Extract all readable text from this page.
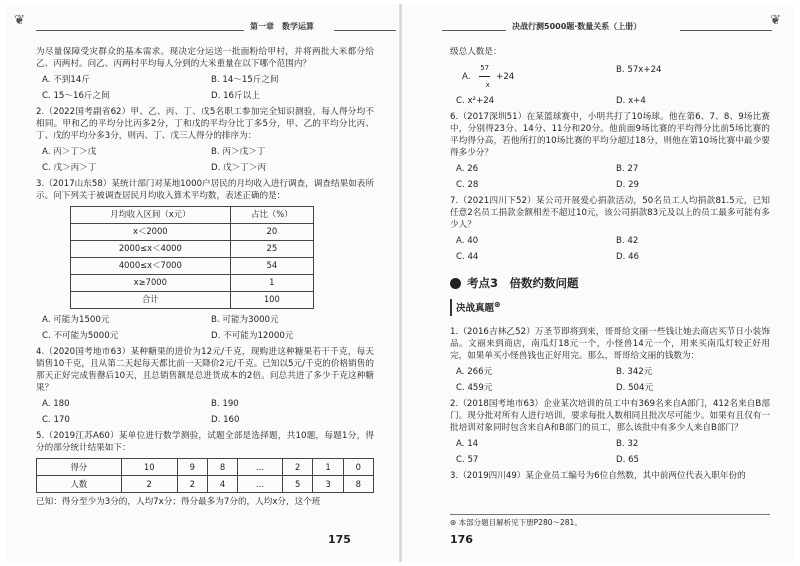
❦	第一章　数学运算

为尽量保障受灾群众的基本需求。现决定分运送一批面粉给甲村，并将两批大米都分给乙、丙两村。问乙、丙两村平均每人分到的大米重量在以下哪个范围内？

A. 不到14斤	B. 14～15斤之间
C. 15～16斤之间	D. 16斤以上

2.（2022国考副省62）甲、乙、丙、丁、戊5名职工参加完全知识测验，每人得分均不相同。甲和乙的平均分比丙多2分，丁和戊的平均分比丁多5分，甲、乙的平均分比丙、丁、戊的平均分多3分，则丙、丁、戊三人得分的排序为：

A. 丙＞丁＞戊	B. 丙＞戊＞丁
C. 戊＞丙＞丁	D. 戊＞丁＞丙

3.（2017山东58）某统计部门对某地1000户居民的月均收入进行调查，调查结果如表所示。问下列关于被调查居民月均收入算术平均数，表述正确的是：

月均收入区间（x元）	占比（%）
x＜2000	20
2000≤x＜4000	25
4000≤x＜7000	54
x≥7000	1
合计	100
A. 可能为1500元	B. 可能为3000元
C. 不可能为5000元	D. 不可能为12000元

4.（2020国考地市63）某种糖果的进价为12元/千克，现购进这种糖果若干千克，每天销售10千克，且从第二天起每天都比前一天降价2元/千克。已知以5元/千克的价格销售的那天正好完成售罄后10天，且总销售额是总进货成本的2倍。问总共进了多少千克这种糖果？

A. 180	B. 190
C. 170	D. 160

5.（2019江苏A60）某单位进行数学测验，试题全部是选择题，共10题，每题1分，得分的部分统计结果如下：

得分	10	9	8	…	2	1	0
人数	2	2	4	…	5	3	8

已知：得分至少为3分的，人均7x分；得分最多为7分的，人均x分，这个班

175
决战行测5000题·数量关系（上册）	❦

级总人数是：

A. $\frac{57}{x} +24$
B. 57x+24
C. x²+24	D. x+4

6.（2017深圳51）在某篮球赛中，小明共打了10场球。他在第6、7、8、9场比赛中，分别得23分、14分、11分和20分。他前面9场比赛的平均得分比前5场比赛的平均得分高，若他所打的10场比赛的平均分超过18分，则他在第10场比赛中最少要得多少分？

A. 26	B. 27
C. 28	D. 29

7.（2021四川下52）某公司开展爱心捐款活动，50名员工人均捐款81.5元，已知任意2名员工捐款金额相差不超过10元，该公司捐款83元及以上的员工最多可能有多少人？

A. 40	B. 42
C. 44	D. 46
考点3　倍数约数问题
决战真题⊛

1.（2016吉林乙52）万圣节即将到来，哥哥给文丽一些钱让她去商店买节日小装饰品。文丽来到商店，南瓜灯18元一个，小怪兽14元一个，用来买南瓜灯较正好用完，如果单买小怪兽钱也正好用完。那么，哥哥给文丽的钱数为：

A. 266元	B. 342元
C. 459元	D. 504元

2.（2018国考地市63）企业某次培训的员工中有369名来自A部门，412名来自B部门。现分批对所有人进行培训，要求每批人数相同且批次尽可能少。如果有且仅有一批培训对象同时包含来自A和B部门的员工，那么该批中有多少人来自B部门？

A. 14	B. 32
C. 57	D. 65

3.（2019四川49）某企业员工编号为6位自然数，其中前两位代表入职年份的

⊛ 本部分题目解析见下册P280～281。
176
